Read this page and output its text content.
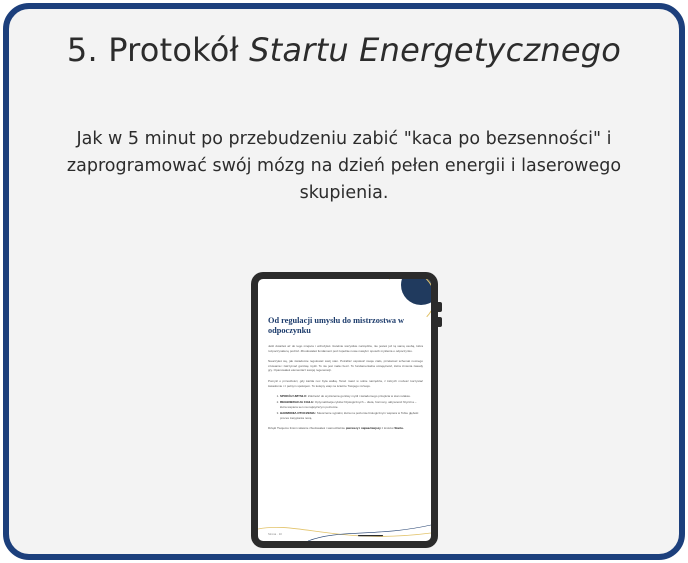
5. Protokół Startu Energetycznego
Jak w 5 minut po przebudzeniu zabić "kaca po bezsenności" i zaprogramować swój mózg na dzień pełen energii i laserowego skupienia.
Od regulacji umysłu do mistrzostwa w odpoczynku

Jeśli dotarłeś aż do tego miejsca i wdrożyłeś rzetelnie wszystkie narzędzia, nie jesteś już tą samą osobą, która rozpoczynała tę podróż. Zbudowałeś fundament pod zupełnie nowe nawyki i sposób myślenia o odpoczynku.

Nauczyłeś się, jak świadomie regulować swój stan. Potrafisz uspokoić swoje ciało, przełamać schemat nocnego czuwania i zatrzymać gonitwę myśli. To nie jest mała rzecz. To fundamentalna umiejętność, która zmienia zasady gry. Opanowałeś elementarz swojej regeneracji.

Pomyśl o przeszłości, gdy każda noc była walką. Teraz masz w sobie narzędzia, z których możesz korzystać świadomie i z pełnym spokojem. To kolejny etap na ścieżce Twojego rozwoju.

1. SPOKÓJ UMYSŁU: Zdolność do wyciszenia gonitwy myśli i świadomego przejścia w stan relaksu.
2. REGENERACJA CIAŁA: Optymalizacja cyklów fizjologicznych – dieta, hormony, aktywność fizyczna – która wspiera sen na najwyższym poziomie.
3. HARMONIA OTOCZENIA: Stworzenie sypialni, która na poziomie biologicznym wspiera w Tobie głęboki proces zasypiania nocą.

Dzięki Twojemu liniom własnie zbudowałeś i samodzielnie pierwszy i najważniejszy z kroków Startu.

Strona · 10
